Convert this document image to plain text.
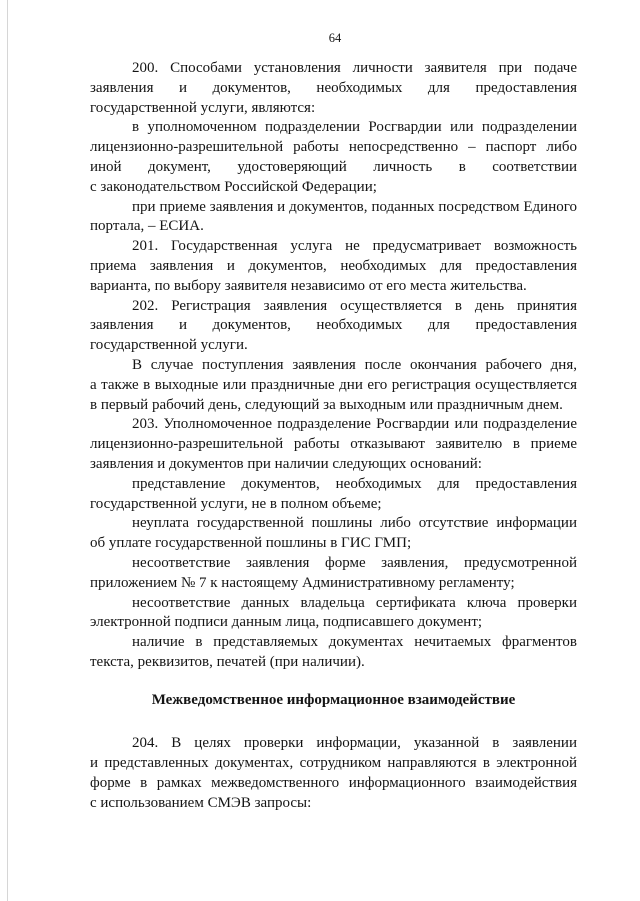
64
200. Способами установления личности заявителя при подаче
заявления и документов, необходимых для предоставления
государственной услуги, являются:
в уполномоченном подразделении Росгвардии или подразделении
лицензионно-разрешительной работы непосредственно – паспорт либо
иной документ, удостоверяющий личность в соответствии
с законодательством Российской Федерации;
при приеме заявления и документов, поданных посредством Единого
портала, – ЕСИА.
201. Государственная услуга не предусматривает возможность
приема заявления и документов, необходимых для предоставления
варианта, по выбору заявителя независимо от его места жительства.
202. Регистрация заявления осуществляется в день принятия
заявления и документов, необходимых для предоставления
государственной услуги.
В случае поступления заявления после окончания рабочего дня,
а также в выходные или праздничные дни его регистрация осуществляется
в первый рабочий день, следующий за выходным или праздничным днем.
203. Уполномоченное подразделение Росгвардии или подразделение
лицензионно-разрешительной работы отказывают заявителю в приеме
заявления и документов при наличии следующих оснований:
представление документов, необходимых для предоставления
государственной услуги, не в полном объеме;
неуплата государственной пошлины либо отсутствие информации
об уплате государственной пошлины в ГИС ГМП;
несоответствие заявления форме заявления, предусмотренной
приложением № 7 к настоящему Административному регламенту;
несоответствие данных владельца сертификата ключа проверки
электронной подписи данным лица, подписавшего документ;
наличие в представляемых документах нечитаемых фрагментов
текста, реквизитов, печатей (при наличии).
Межведомственное информационное взаимодействие
204. В целях проверки информации, указанной в заявлении
и представленных документах, сотрудником направляются в электронной
форме в рамках межведомственного информационного взаимодействия
с использованием СМЭВ запросы:
